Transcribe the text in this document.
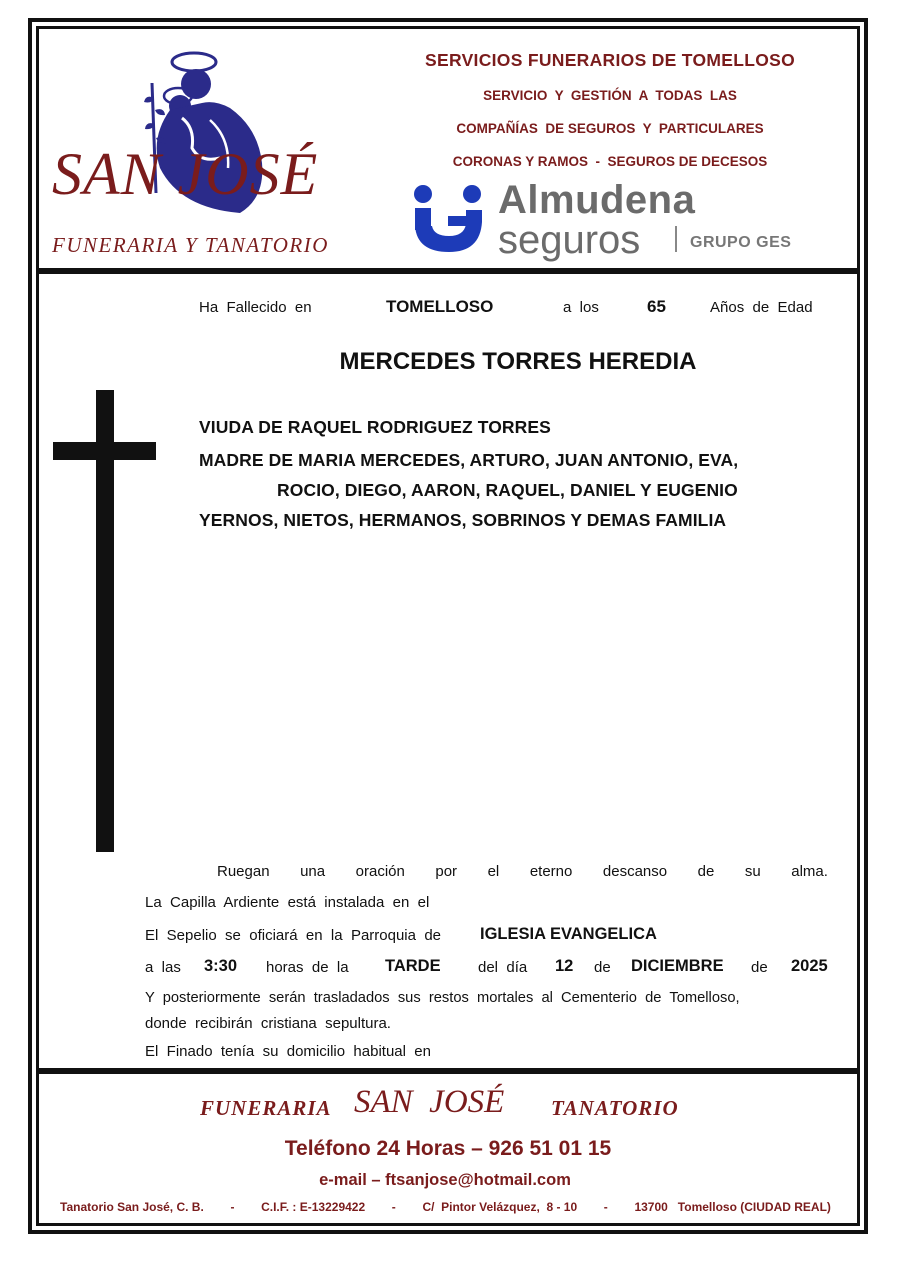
SAN JOSÉ
FUNERARIA Y TANATORIO
SERVICIOS FUNERARIOS DE TOMELLOSO
SERVICIO  Y  GESTIÓN  A  TODAS  LAS
COMPAÑÍAS  DE SEGUROS  Y  PARTICULARES
CORONAS Y RAMOS  -  SEGUROS DE DECESOS
Almudena
seguros	GRUPO GES
Ha  Fallecido  en	TOMELLOSO	a  los	65	Años  de  Edad
MERCEDES TORRES HEREDIA
VIUDA DE RAQUEL RODRIGUEZ TORRES
MADRE DE MARIA MERCEDES, ARTURO, JUAN ANTONIO, EVA,
ROCIO, DIEGO, AARON, RAQUEL, DANIEL Y EUGENIO
YERNOS, NIETOS, HERMANOS, SOBRINOS Y DEMAS FAMILIA
Ruegan una oración por el eterno descanso de su alma.
La  Capilla  Ardiente  está  instalada  en  el
El  Sepelio  se  oficiará  en  la  Parroquia  de IGLESIA EVANGELICA
a  las 3:30 horas  de  la TARDE del  día 12 de DICIEMBRE de 2025
Y  posteriormente  serán  trasladados  sus  restos  mortales  al  Cementerio  de  Tomelloso,
donde  recibirán  cristiana  sepultura.
El  Finado  tenía  su  domicilio  habitual  en
FUNERARIA SAN  JOSÉ TANATORIO
Teléfono 24 Horas – 926 51 01 15
e-mail – ftsanjose@hotmail.com
Tanatorio San José, C. B. - C.I.F. : E-13229422 - C/  Pintor Velázquez,  8 - 10 - 13700   Tomelloso (CIUDAD REAL)
